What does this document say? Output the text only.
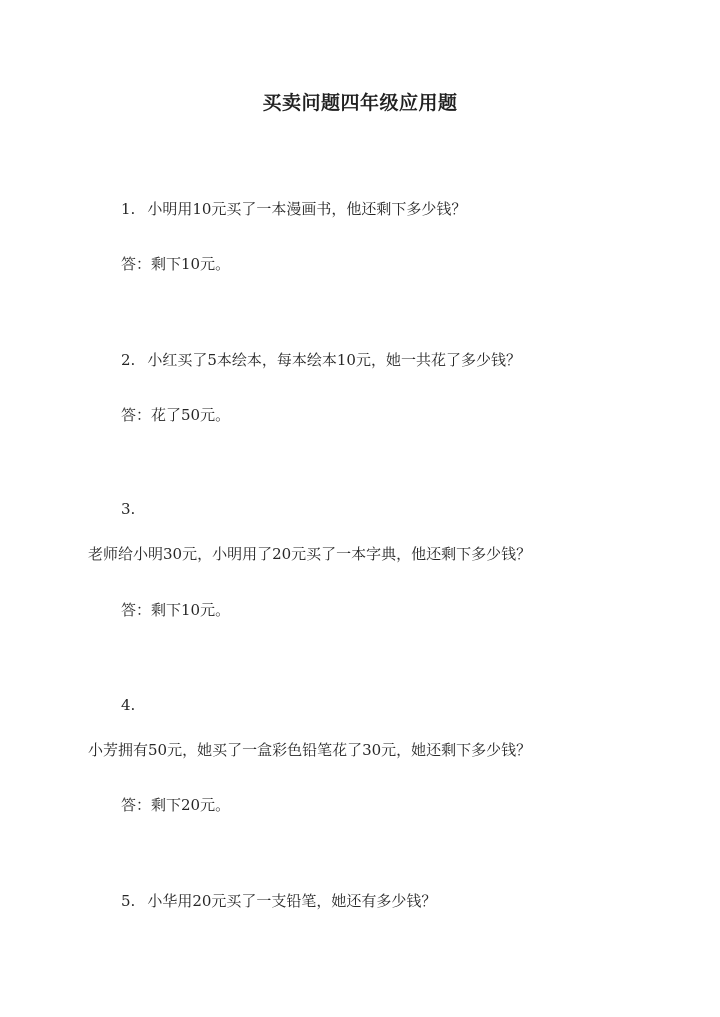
买卖问题四年级应用题
1. 小明用10元买了一本漫画书，他还剩下多少钱？
答：剩下10元。
2. 小红买了5本绘本，每本绘本10元，她一共花了多少钱？
答：花了50元。
3.
老师给小明30元，小明用了20元买了一本字典，他还剩下多少钱？
答：剩下10元。
4.
小芳拥有50元，她买了一盒彩色铅笔花了30元，她还剩下多少钱？
答：剩下20元。
5. 小华用20元买了一支铅笔，她还有多少钱？
